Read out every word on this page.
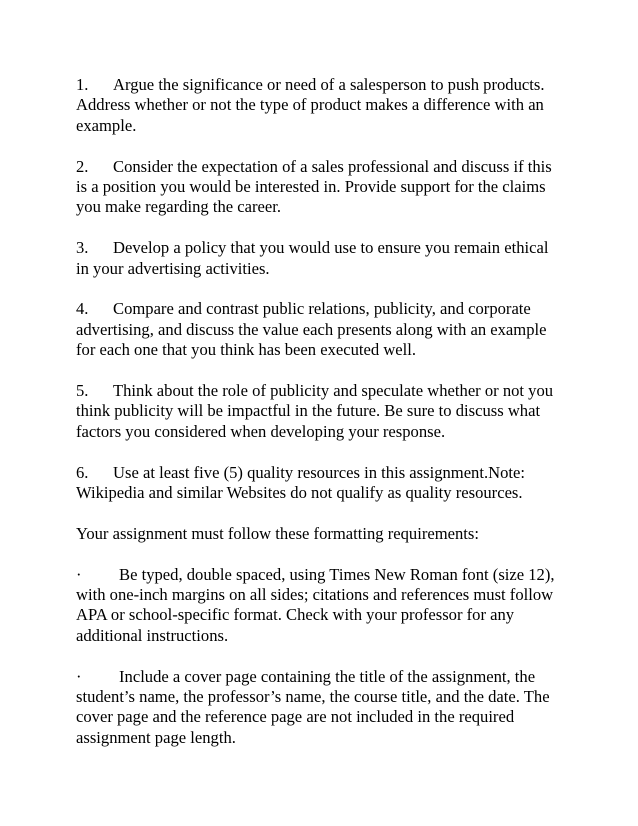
1. Argue the significance or need of a salesperson to push products. Address whether or not the type of product makes a difference with an example.

2. Consider the expectation of a sales professional and discuss if this is a position you would be interested in. Provide support for the claims you make regarding the career.

3. Develop a policy that you would use to ensure you remain ethical in your advertising activities.

4. Compare and contrast public relations, publicity, and corporate advertising, and discuss the value each presents along with an example for each one that you think has been executed well.

5. Think about the role of publicity and speculate whether or not you think publicity will be impactful in the future. Be sure to discuss what factors you considered when developing your response.

6. Use at least five (5) quality resources in this assignment.Note: Wikipedia and similar Websites do not qualify as quality resources.

Your assignment must follow these formatting requirements:

· Be typed, double spaced, using Times New Roman font (size 12), with one-inch margins on all sides; citations and references must follow APA or school-specific format. Check with your professor for any additional instructions.

· Include a cover page containing the title of the assignment, the student’s name, the professor’s name, the course title, and the date. The cover page and the reference page are not included in the required assignment page length.
